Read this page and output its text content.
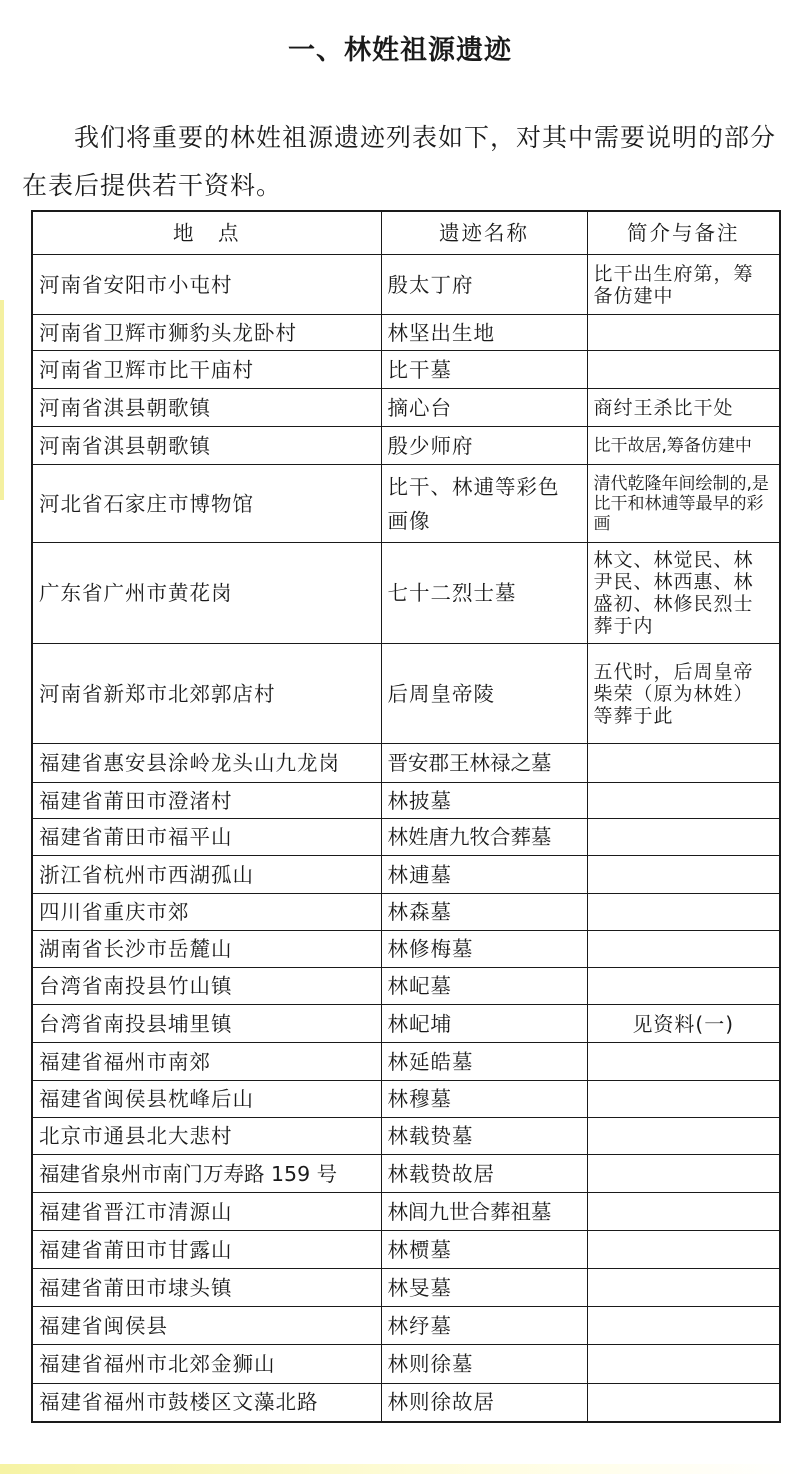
一、林姓祖源遗迹

我们将重要的林姓祖源遗迹列表如下，对其中需要说明的部分在表后提供若干资料。

地　点	遗迹名称	简介与备注
河南省安阳市小屯村	殷太丁府	比干出生府第，筹备仿建中
河南省卫辉市狮豹头龙卧村	林坚出生地	
河南省卫辉市比干庙村	比干墓	
河南省淇县朝歌镇	摘心台	商纣王杀比干处
河南省淇县朝歌镇	殷少师府	比干故居,筹备仿建中
河北省石家庄市博物馆	比干、林逋等彩色画像	清代乾隆年间绘制的,是比干和林逋等最早的彩画
广东省广州市黄花岗	七十二烈士墓	林文、林觉民、林尹民、林西惠、林盛初、林修民烈士葬于内
河南省新郑市北郊郭店村	后周皇帝陵	五代时，后周皇帝柴荣（原为林姓）等葬于此
福建省惠安县涂岭龙头山九龙岗	晋安郡王林禄之墓	
福建省莆田市澄渚村	林披墓	
福建省莆田市福平山	林姓唐九牧合葬墓	
浙江省杭州市西湖孤山	林逋墓	
四川省重庆市郊	林森墓	
湖南省长沙市岳麓山	林修梅墓	
台湾省南投县竹山镇	林屺墓	
台湾省南投县埔里镇	林屺埔	见资料(一)
福建省福州市南郊	林延皓墓	
福建省闽侯县枕峰后山	林穆墓	
北京市通县北大悲村	林载贽墓	
福建省泉州市南门万寿路 159 号	林载贽故居	
福建省晋江市清源山	林闾九世合葬祖墓	
福建省莆田市甘露山	林槚墓	
福建省莆田市埭头镇	林旻墓	
福建省闽侯县	林纾墓	
福建省福州市北郊金狮山	林则徐墓	
福建省福州市鼓楼区文藻北路	林则徐故居	
